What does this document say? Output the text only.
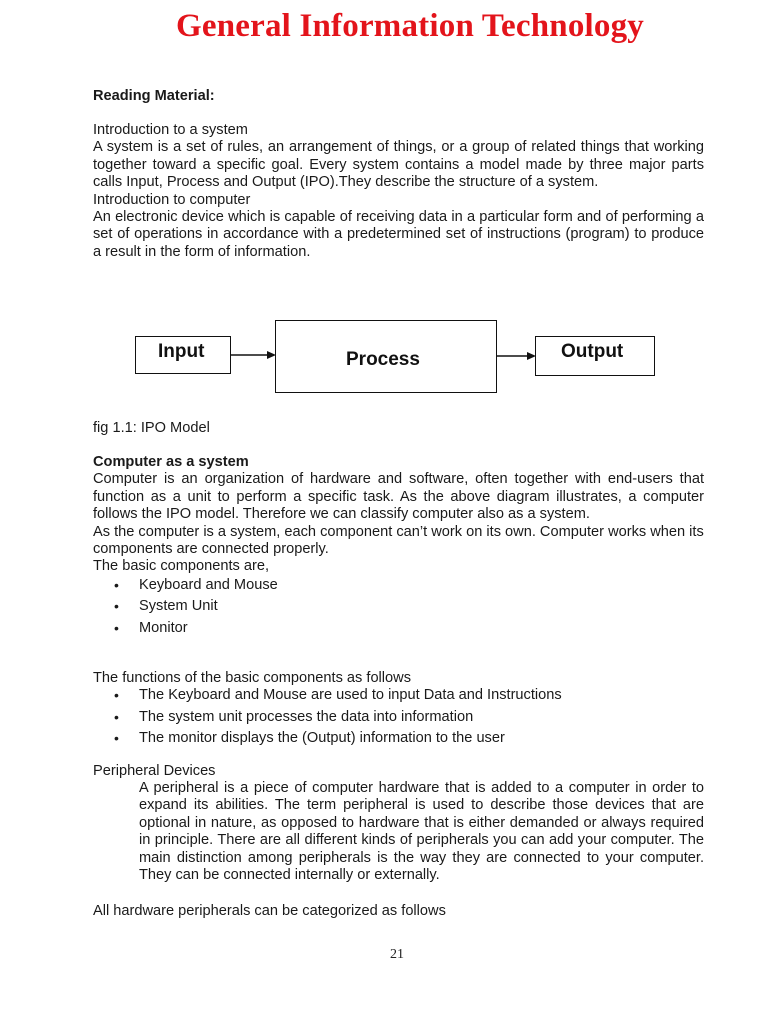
General Information Technology
Reading Material:

Introduction to a system

A system is a set of rules, an arrangement of things, or a group of related things that working together toward a specific goal. Every system contains a model made by three major parts calls Input, Process and Output (IPO).They describe the structure of a system.

Introduction to computer

An electronic device which is capable of receiving data in a particular form and of performing a set of operations in accordance with a predetermined set of instructions (program) to produce a result in the form of information.

Input	Process	Output
fig 1.1: IPO Model

Computer as a system

Computer is an organization of hardware and software, often together with end-users that function as a unit to perform a specific task. As the above diagram illustrates, a computer follows the IPO model. Therefore we can classify computer also as a system.

As the computer is a system, each component can’t work on its own. Computer works when its components are connected properly.

The basic components are,

• Keyboard and Mouse
• System Unit
• Monitor

The functions of the basic components as follows

• The Keyboard and Mouse are used to input Data and Instructions
• The system unit processes the data into information
• The monitor displays the (Output) information to the user
Peripheral Devices
A peripheral is a piece of computer hardware that is added to a computer in order to expand its abilities. The term peripheral is used to describe those devices that are optional in nature, as opposed to hardware that is either demanded or always required in principle. There are all different kinds of peripherals you can add your computer. The main distinction among peripherals is the way they are connected to your computer. They can be connected internally or externally.
All hardware peripherals can be categorized as follows
21
